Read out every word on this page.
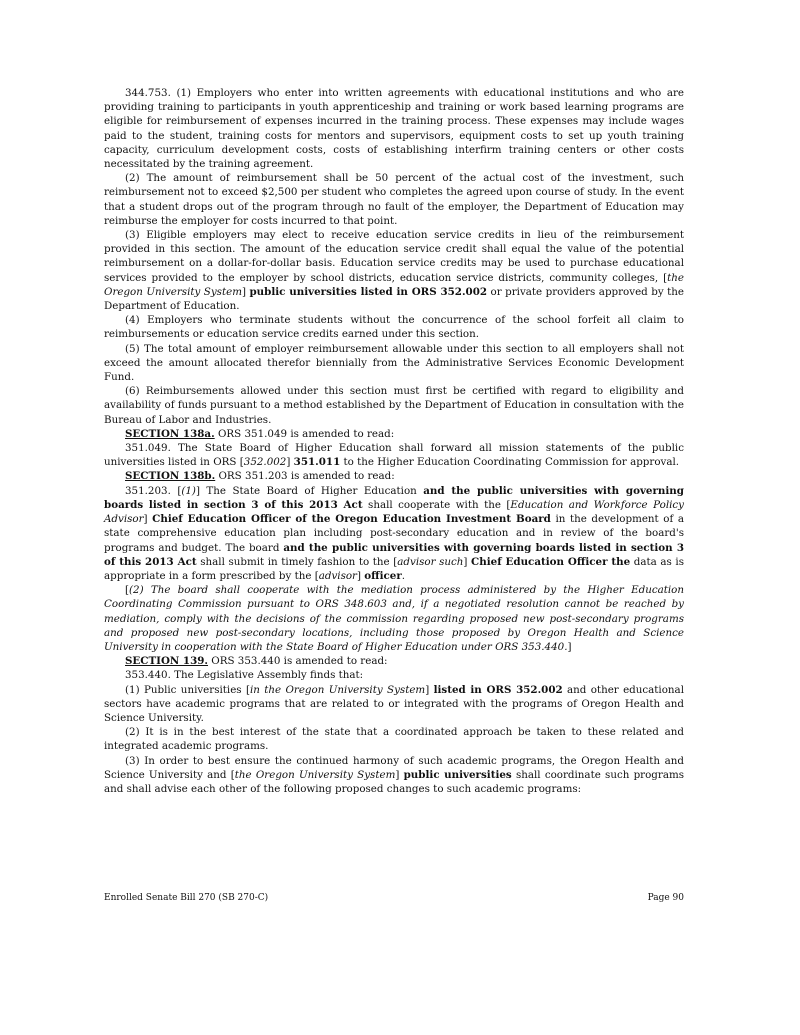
344.753. (1) Employers who enter into written agreements with educational institutions and who are providing training to participants in youth apprenticeship and training or work based learning programs are eligible for reimbursement of expenses incurred in the training process. These expenses may include wages paid to the student, training costs for mentors and supervisors, equipment costs to set up youth training capacity, curriculum development costs, costs of establishing interfirm training centers or other costs necessitated by the training agreement.

(2) The amount of reimbursement shall be 50 percent of the actual cost of the investment, such reimbursement not to exceed $2,500 per student who completes the agreed upon course of study. In the event that a student drops out of the program through no fault of the employer, the Department of Education may reimburse the employer for costs incurred to that point.

(3) Eligible employers may elect to receive education service credits in lieu of the reimbursement provided in this section. The amount of the education service credit shall equal the value of the potential reimbursement on a dollar-for-dollar basis. Education service credits may be used to purchase educational services provided to the employer by school districts, education service districts, community colleges, [the Oregon University System] public universities listed in ORS 352.002 or private providers approved by the Department of Education.

(4) Employers who terminate students without the concurrence of the school forfeit all claim to reimbursements or education service credits earned under this section.

(5) The total amount of employer reimbursement allowable under this section to all employers shall not exceed the amount allocated therefor biennially from the Administrative Services Economic Development Fund.

(6) Reimbursements allowed under this section must first be certified with regard to eligibility and availability of funds pursuant to a method established by the Department of Education in consultation with the Bureau of Labor and Industries.

SECTION 138a. ORS 351.049 is amended to read:

351.049. The State Board of Higher Education shall forward all mission statements of the public universities listed in ORS [352.002] 351.011 to the Higher Education Coordinating Commission for approval.

SECTION 138b. ORS 351.203 is amended to read:

351.203. [(1)] The State Board of Higher Education and the public universities with governing boards listed in section 3 of this 2013 Act shall cooperate with the [Education and Workforce Policy Advisor] Chief Education Officer of the Oregon Education Investment Board in the development of a state comprehensive education plan including post-secondary education and in review of the board's programs and budget. The board and the public universities with governing boards listed in section 3 of this 2013 Act shall submit in timely fashion to the [advisor such] Chief Education Officer the data as is appropriate in a form prescribed by the [advisor] officer.

[(2) The board shall cooperate with the mediation process administered by the Higher Education Coordinating Commission pursuant to ORS 348.603 and, if a negotiated resolution cannot be reached by mediation, comply with the decisions of the commission regarding proposed new post-secondary programs and proposed new post-secondary locations, including those proposed by Oregon Health and Science University in cooperation with the State Board of Higher Education under ORS 353.440.]

SECTION 139. ORS 353.440 is amended to read:

353.440. The Legislative Assembly finds that:

(1) Public universities [in the Oregon University System] listed in ORS 352.002 and other educational sectors have academic programs that are related to or integrated with the programs of Oregon Health and Science University.

(2) It is in the best interest of the state that a coordinated approach be taken to these related and integrated academic programs.

(3) In order to best ensure the continued harmony of such academic programs, the Oregon Health and Science University and [the Oregon University System] public universities shall coordinate such programs and shall advise each other of the following proposed changes to such academic programs:

Enrolled Senate Bill 270 (SB 270-C)	Page 90
